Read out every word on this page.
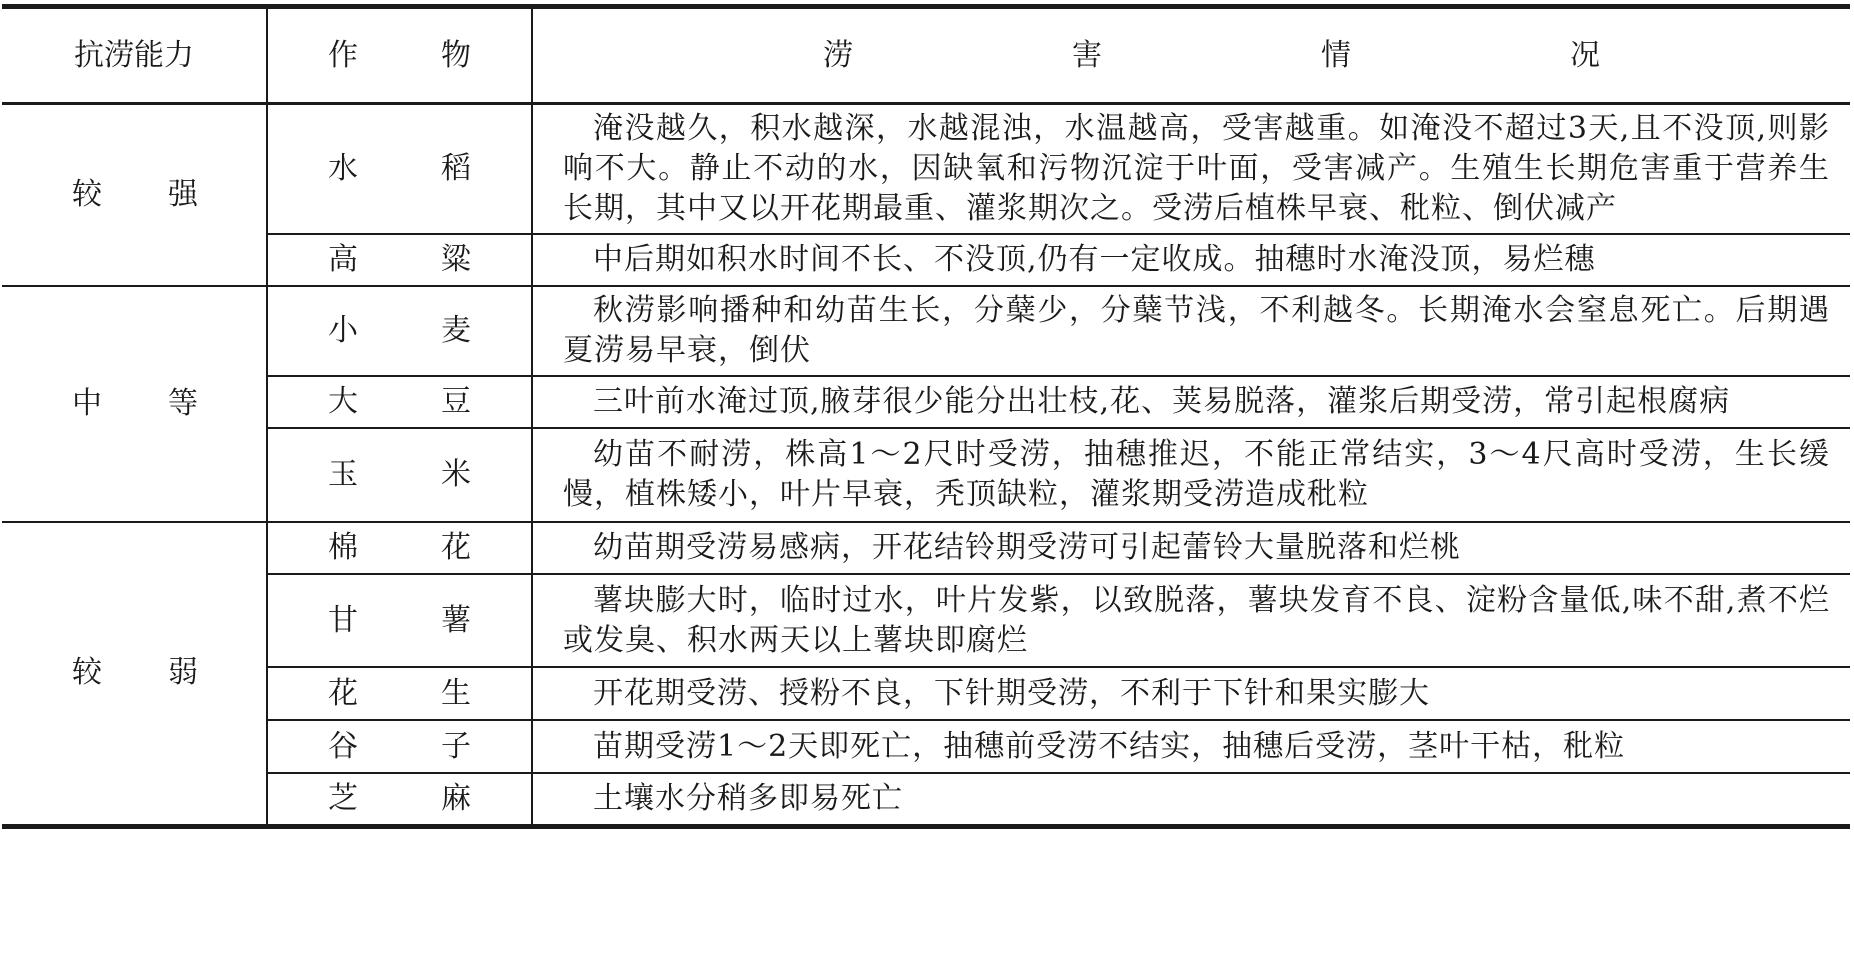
抗涝能力	作 物	涝 害 情 况

较 强	水 稻	淹没越久，积水越深，水越混浊，水温越高，受害越重。如淹没不超过3天,且不没顶,则影响不大。静止不动的水，因缺氧和污物沉淀于叶面，受害减产。生殖生长期危害重于营养生长期，其中又以开花期最重、灌浆期次之。受涝后植株早衰、秕粒、倒伏减产

	高 粱	中后期如积水时间不长、不没顶,仍有一定收成。抽穗时水淹没顶，易烂穗

中 等	小 麦	秋涝影响播种和幼苗生长，分蘖少，分蘖节浅，不利越冬。长期淹水会窒息死亡。后期遇夏涝易早衰，倒伏

	大 豆	三叶前水淹过顶,腋芽很少能分出壮枝,花、荚易脱落，灌浆后期受涝，常引起根腐病

	玉 米	幼苗不耐涝，株高1～2尺时受涝，抽穗推迟，不能正常结实，3～4尺高时受涝，生长缓慢，植株矮小，叶片早衰，秃顶缺粒，灌浆期受涝造成秕粒

较 弱	棉 花	幼苗期受涝易感病，开花结铃期受涝可引起蕾铃大量脱落和烂桃

	甘 薯	薯块膨大时，临时过水，叶片发紫，以致脱落，薯块发育不良、淀粉含量低,味不甜,煮不烂或发臭、积水两天以上薯块即腐烂

	花 生	开花期受涝、授粉不良，下针期受涝，不利于下针和果实膨大

	谷 子	苗期受涝1～2天即死亡，抽穗前受涝不结实，抽穗后受涝，茎叶干枯，秕粒

	芝 麻	土壤水分稍多即易死亡
